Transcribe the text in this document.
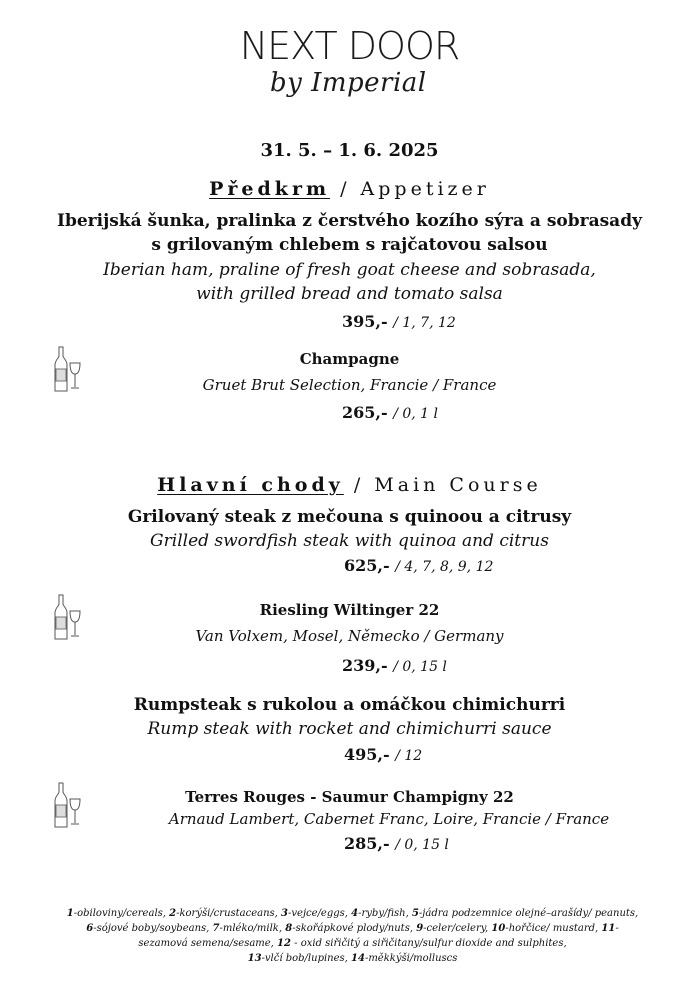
NEXT DOOR
by Imperial
31. 5. – 1. 6. 2025
Předkrm / Appetizer
Iberijská šunka, pralinka z čerstvého kozího sýra a sobrasady
s grilovaným chlebem s rajčatovou salsou
Iberian ham, praline of fresh goat cheese and sobrasada,
with grilled bread and tomato salsa
395,- / 1, 7, 12
Champagne
Gruet Brut Selection, Francie / France
265,- / 0, 1 l
Hlavní chody / Main Course
Grilovaný steak z mečouna s quinoou a citrusy
Grilled swordfish steak with quinoa and citrus
625,- / 4, 7, 8, 9, 12
Riesling Wiltinger 22
Van Volxem, Mosel, Německo / Germany
239,- / 0, 15 l
Rumpsteak s rukolou a omáčkou chimichurri
Rump steak with rocket and chimichurri sauce
495,- / 12
Terres Rouges - Saumur Champigny 22
Arnaud Lambert, Cabernet Franc, Loire, Francie / France
285,- / 0, 15 l
1-obiloviny/cereals, 2-korýši/crustaceans, 3-vejce/eggs, 4-ryby/fish, 5-jádra podzemnice olejné–arašídy/ peanuts,
6-sójové boby/soybeans, 7-mléko/milk, 8-skořápkové plody/nuts, 9-celer/celery, 10-hořčice/ mustard, 11-
sezamová semena/sesame, 12 - oxid siřičitý a siřičitany/sulfur dioxide and sulphites,
13-vlčí bob/lupines, 14-měkkýši/molluscs
